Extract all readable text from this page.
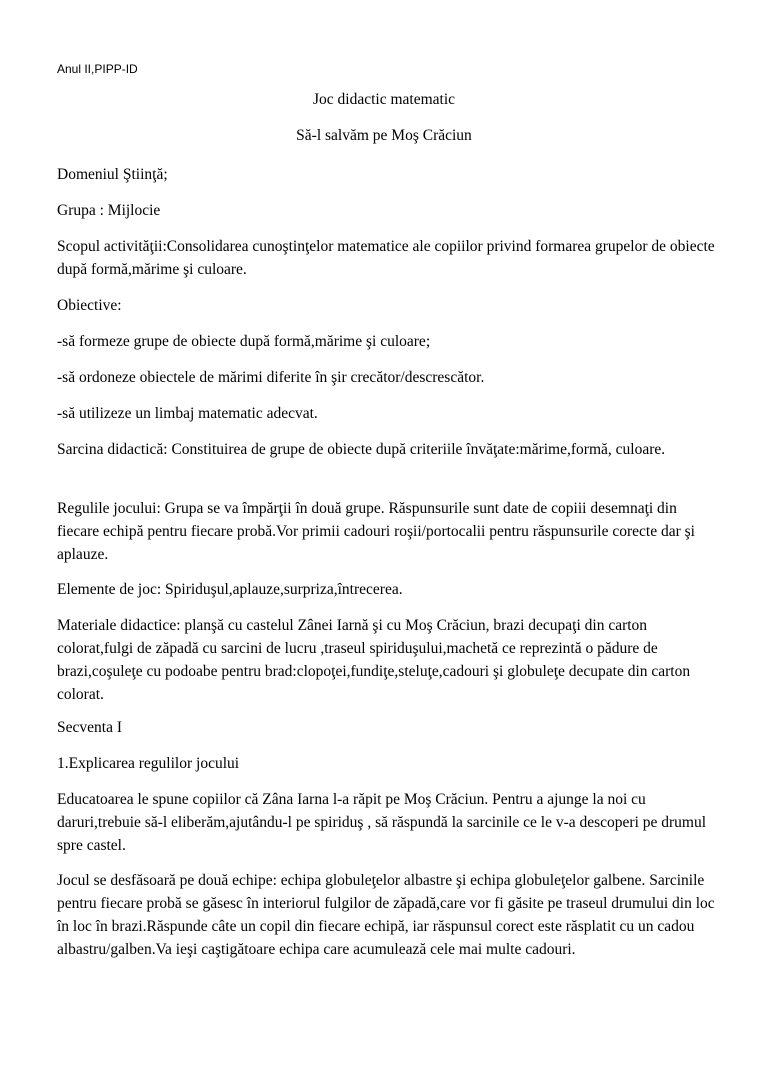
Anul II,PIPP-ID
Joc didactic matematic
Să-l salvăm pe Moş Crăciun

Domeniul Ştiinţă;

Grupa : Mijlocie

Scopul activităţii:Consolidarea cunoştinţelor matematice ale copiilor privind formarea grupelor de obiecte după formă,mărime şi culoare.

Obiective:

-să formeze grupe de obiecte după formă,mărime şi culoare;

-să ordoneze obiectele de mărimi diferite în şir crecător/descrescător.

-să utilizeze un limbaj matematic adecvat.

Sarcina didactică: Constituirea de grupe de obiecte după criteriile învăţate:mărime,formă, culoare.

Regulile jocului: Grupa se va împărţii în două grupe. Răspunsurile sunt date de copiii desemnaţi din fiecare echipă pentru fiecare probă.Vor primii cadouri roşii/portocalii pentru răspunsurile corecte dar şi aplauze.

Elemente de joc: Spiriduşul,aplauze,surpriza,întrecerea.

Materiale didactice: planşă cu castelul Zânei Iarnă şi cu Moş Crăciun, brazi decupaţi din carton colorat,fulgi de zăpadă cu sarcini de lucru ,traseul spiriduşului,machetă ce reprezintă o pădure de brazi,coşuleţe cu podoabe pentru brad:clopoţei,fundiţe,steluţe,cadouri şi globuleţe decupate din carton colorat.

Secventa I

1.Explicarea regulilor jocului

Educatoarea le spune copiilor că Zâna Iarna l-a răpit pe Moş Crăciun. Pentru a ajunge la noi cu daruri,trebuie să-l eliberăm,ajutându-l pe spiriduş , să răspundă la sarcinile ce le v-a descoperi pe drumul spre castel.

Jocul se desfăsoară pe două echipe: echipa globuleţelor albastre şi echipa globuleţelor galbene. Sarcinile pentru fiecare probă se găsesc în interiorul fulgilor de zăpadă,care vor fi găsite pe traseul drumului din loc în loc în brazi.Răspunde câte un copil din fiecare echipă, iar răspunsul corect este răsplatit cu un cadou albastru/galben.Va ieşi caştigătoare echipa care acumulează cele mai multe cadouri.
